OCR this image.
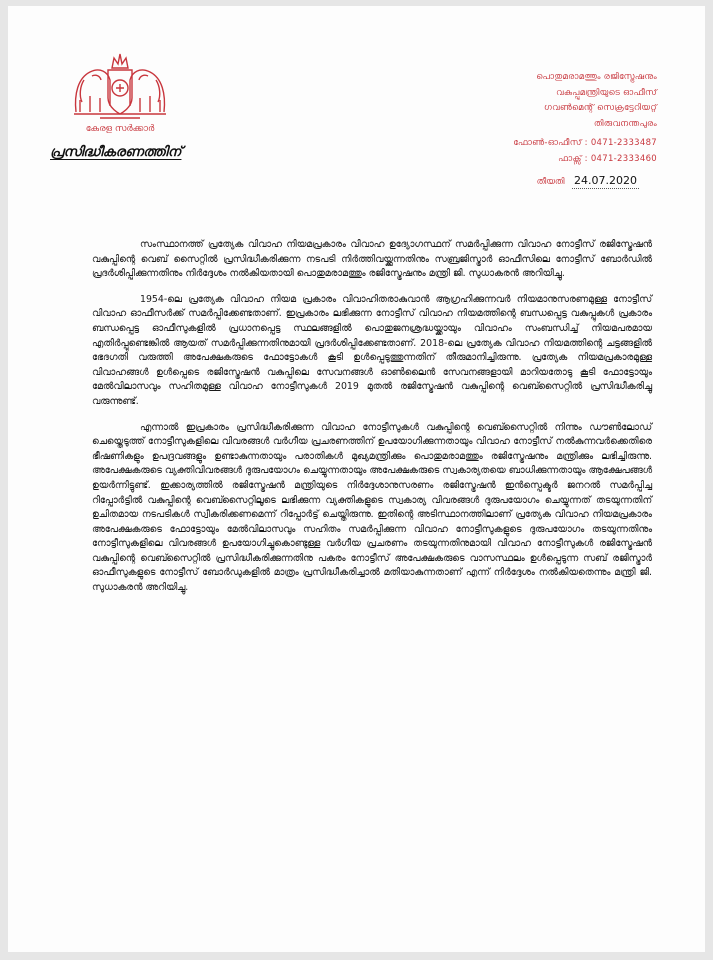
കേരള സർക്കാർ
പൊതുമരാമത്തും രജിസ്ട്രേഷനും
വകുപ്പുമന്ത്രിയുടെ ഓഫീസ്
ഗവൺമെന്റ് സെക്രട്ടേറിയറ്റ്
തിരുവനന്തപുരം
ഫോൺ-ഓഫീസ് : 0471-2333487
ഫാക്സ് : 0471-2333460
പ്രസിദ്ധീകരണത്തിന്
തീയതി 24.07.2020

സംസ്ഥാനത്ത് പ്രത്യേക വിവാഹ നിയമപ്രകാരം വിവാഹ ഉദ്യോഗസ്ഥന് സമർപ്പിക്കുന്ന വിവാഹ നോട്ടീസ് രജിസ്ട്രേഷൻ വകുപ്പിന്റെ വെബ് സൈറ്റിൽ പ്രസിദ്ധീകരിക്കുന്ന നടപടി നിർത്തിവയ്ക്കുന്നതിനും സബ്രജിസ്ട്രാർ ഓഫീസിലെ നോട്ടീസ് ബോർഡിൽ പ്രദർശിപ്പിക്കുന്നതിനും നിർദ്ദേശം നൽകിയതായി പൊതുമരാമത്തും രജിസ്ട്രേഷനും മന്ത്രി ജി. സുധാകരൻ അറിയിച്ചു.

1954-ലെ പ്രത്യേക വിവാഹ നിയമ പ്രകാരം വിവാഹിതരാകുവാൻ ആഗ്രഹിക്കുന്നവർ നിയമാനുസരണമുള്ള നോട്ടീസ് വിവാഹ ഓഫീസർക്ക് സമർപ്പിക്കേണ്ടതാണ്. ഇപ്രകാരം ലഭിക്കുന്ന നോട്ടീസ് വിവാഹ നിയമത്തിന്റെ ബന്ധപ്പെട്ട വകുപ്പുകൾ പ്രകാരം ബന്ധപ്പെട്ട ഓഫീസുകളിൽ പ്രധാനപ്പെട്ട സ്ഥലങ്ങളിൽ പൊതുജനശ്രദ്ധയ്ക്കായും വിവാഹം സംബന്ധിച്ച് നിയമപരമായ എതിർപ്പുണ്ടെങ്കിൽ ആയത് സമർപ്പിക്കുന്നതിനുമായി പ്രദർശിപ്പിക്കേണ്ടതാണ്. 2018-ലെ പ്രത്യേക വിവാഹ നിയമത്തിന്റെ ചട്ടങ്ങളിൽ ഭേദഗതി വരുത്തി അപേക്ഷകരുടെ ഫോട്ടോകൾ കൂടി ഉൾപ്പെടുത്തുന്നതിന് തീരുമാനിച്ചിരുന്നു. പ്രത്യേക നിയമപ്രകാരമുള്ള വിവാഹങ്ങൾ ഉൾപ്പെടെ രജിസ്ട്രേഷൻ വകുപ്പിലെ സേവനങ്ങൾ ഓൺലൈൻ സേവനങ്ങളായി മാറിയതോടു കൂടി ഫോട്ടോയും മേൽവിലാസവും സഹിതമുള്ള വിവാഹ നോട്ടീസുകൾ 2019 മുതൽ രജിസ്ട്രേഷൻ വകുപ്പിന്റെ വെബ്സൈറ്റിൽ പ്രസിദ്ധീകരിച്ചു വരുന്നുണ്ട്.

എന്നാൽ ഇപ്രകാരം പ്രസിദ്ധീകരിക്കുന്ന വിവാഹ നോട്ടീസുകൾ വകുപ്പിന്റെ വെബ്സൈറ്റിൽ നിന്നും ഡൗൺലോഡ് ചെയ്തെടുത്ത് നോട്ടീസുകളിലെ വിവരങ്ങൾ വർഗീയ പ്രചരണത്തിന് ഉപയോഗിക്കുന്നതായും വിവാഹ നോട്ടീസ് നൽകുന്നവർക്കെതിരെ ഭീഷണികളും ഉപദ്രവങ്ങളും ഉണ്ടാകുന്നതായും പരാതികൾ മുഖ്യമന്ത്രിക്കും പൊതുമരാമത്തും രജിസ്ട്രേഷനും മന്ത്രിക്കും ലഭിച്ചിരുന്നു. അപേക്ഷകരുടെ വ്യക്തിവിവരങ്ങൾ ദുരുപയോഗം ചെയ്യുന്നതായും അപേക്ഷകരുടെ സ്വകാര്യതയെ ബാധിക്കുന്നതായും ആക്ഷേപങ്ങൾ ഉയർന്നിട്ടുണ്ട്. ഇക്കാര്യത്തിൽ രജിസ്ട്രേഷൻ മന്ത്രിയുടെ നിർദ്ദേശാനുസരണം രജിസ്ട്രേഷൻ ഇൻസ്പെക്ടർ ജനറൽ സമർപ്പിച്ച റിപ്പോർട്ടിൽ വകുപ്പിന്റെ വെബ്സൈറ്റിലൂടെ ലഭിക്കുന്ന വ്യക്തികളുടെ സ്വകാര്യ വിവരങ്ങൾ ദുരുപയോഗം ചെയ്യുന്നത് തടയുന്നതിന് ഉചിതമായ നടപടികൾ സ്വീകരിക്കണമെന്ന് റിപ്പോർട്ട് ചെയ്തിരുന്നു. ഇതിന്റെ അടിസ്ഥാനത്തിലാണ് പ്രത്യേക വിവാഹ നിയമപ്രകാരം അപേക്ഷകരുടെ ഫോട്ടോയും മേൽവിലാസവും സഹിതം സമർപ്പിക്കുന്ന വിവാഹ നോട്ടീസുകളുടെ ദുരുപയോഗം തടയുന്നതിനും നോട്ടീസുകളിലെ വിവരങ്ങൾ ഉപയോഗിച്ചുകൊണ്ടുള്ള വർഗീയ പ്രചരണം തടയുന്നതിനുമായി വിവാഹ നോട്ടീസുകൾ രജിസ്ട്രേഷൻ വകുപ്പിന്റെ വെബ്സൈറ്റിൽ പ്രസിദ്ധീകരിക്കുന്നതിനു പകരം നോട്ടീസ് അപേക്ഷകരുടെ വാസസ്ഥലം ഉൾപ്പെടുന്ന സബ് രജിസ്ട്രാർ ഓഫീസുകളുടെ നോട്ടീസ് ബോർഡുകളിൽ മാത്രം പ്രസിദ്ധീകരിച്ചാൽ മതിയാകുന്നതാണ് എന്ന് നിർദ്ദേശം നൽകിയതെന്നും മന്ത്രി ജി. സുധാകരൻ അറിയിച്ചു.
